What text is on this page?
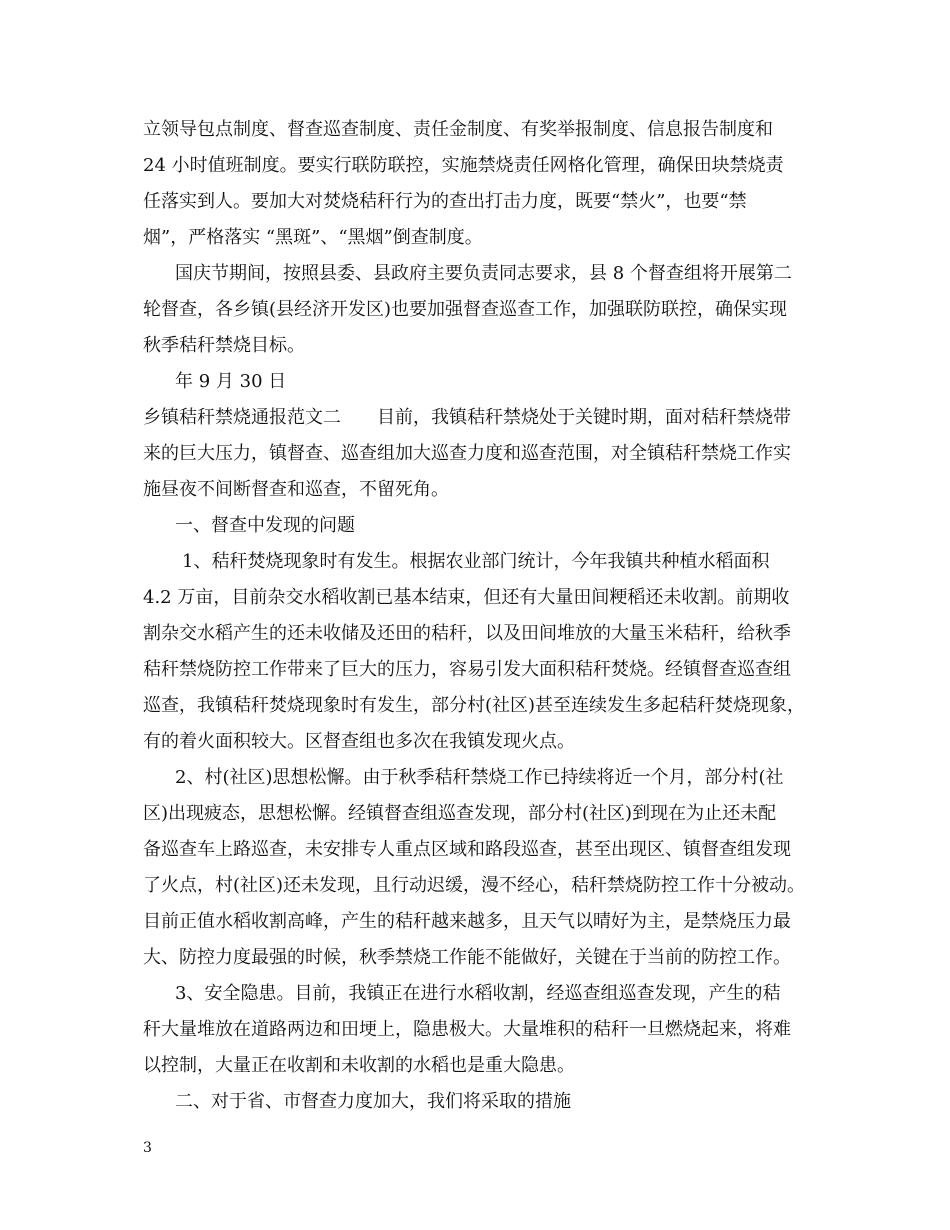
立领导包点制度、督查巡查制度、责任金制度、有奖举报制度、信息报告制度和
24 小时值班制度。要实行联防联控，实施禁烧责任网格化管理，确保田块禁烧责
任落实到人。要加大对焚烧秸秆行为的查出打击力度，既要“禁火”，也要“禁
烟”，严格落实 “黑斑”、“黑烟”倒查制度。
国庆节期间，按照县委、县政府主要负责同志要求，县 8 个督查组将开展第二
轮督查，各乡镇(县经济开发区)也要加强督查巡查工作，加强联防联控，确保实现
秋季秸秆禁烧目标。
年 9 月 30 日
乡镇秸秆禁烧通报范文二　　目前，我镇秸秆禁烧处于关键时期，面对秸秆禁烧带
来的巨大压力，镇督查、巡查组加大巡查力度和巡查范围，对全镇秸秆禁烧工作实
施昼夜不间断督查和巡查，不留死角。
一、督查中发现的问题
1、秸秆焚烧现象时有发生。根据农业部门统计，今年我镇共种植水稻面积
4.2 万亩，目前杂交水稻收割已基本结束，但还有大量田间粳稻还未收割。前期收
割杂交水稻产生的还未收储及还田的秸秆，以及田间堆放的大量玉米秸秆，给秋季
秸秆禁烧防控工作带来了巨大的压力，容易引发大面积秸秆焚烧。经镇督查巡查组
巡查，我镇秸秆焚烧现象时有发生，部分村(社区)甚至连续发生多起秸秆焚烧现象，
有的着火面积较大。区督查组也多次在我镇发现火点。
2、村(社区)思想松懈。由于秋季秸秆禁烧工作已持续将近一个月，部分村(社
区)出现疲态，思想松懈。经镇督查组巡查发现，部分村(社区)到现在为止还未配
备巡查车上路巡查，未安排专人重点区域和路段巡查，甚至出现区、镇督查组发现
了火点，村(社区)还未发现，且行动迟缓，漫不经心，秸秆禁烧防控工作十分被动。
目前正值水稻收割高峰，产生的秸秆越来越多，且天气以晴好为主，是禁烧压力最
大、防控力度最强的时候，秋季禁烧工作能不能做好，关键在于当前的防控工作。
3、安全隐患。目前，我镇正在进行水稻收割，经巡查组巡查发现，产生的秸
秆大量堆放在道路两边和田埂上，隐患极大。大量堆积的秸秆一旦燃烧起来，将难
以控制，大量正在收割和未收割的水稻也是重大隐患。
二、对于省、市督查力度加大，我们将采取的措施
3
